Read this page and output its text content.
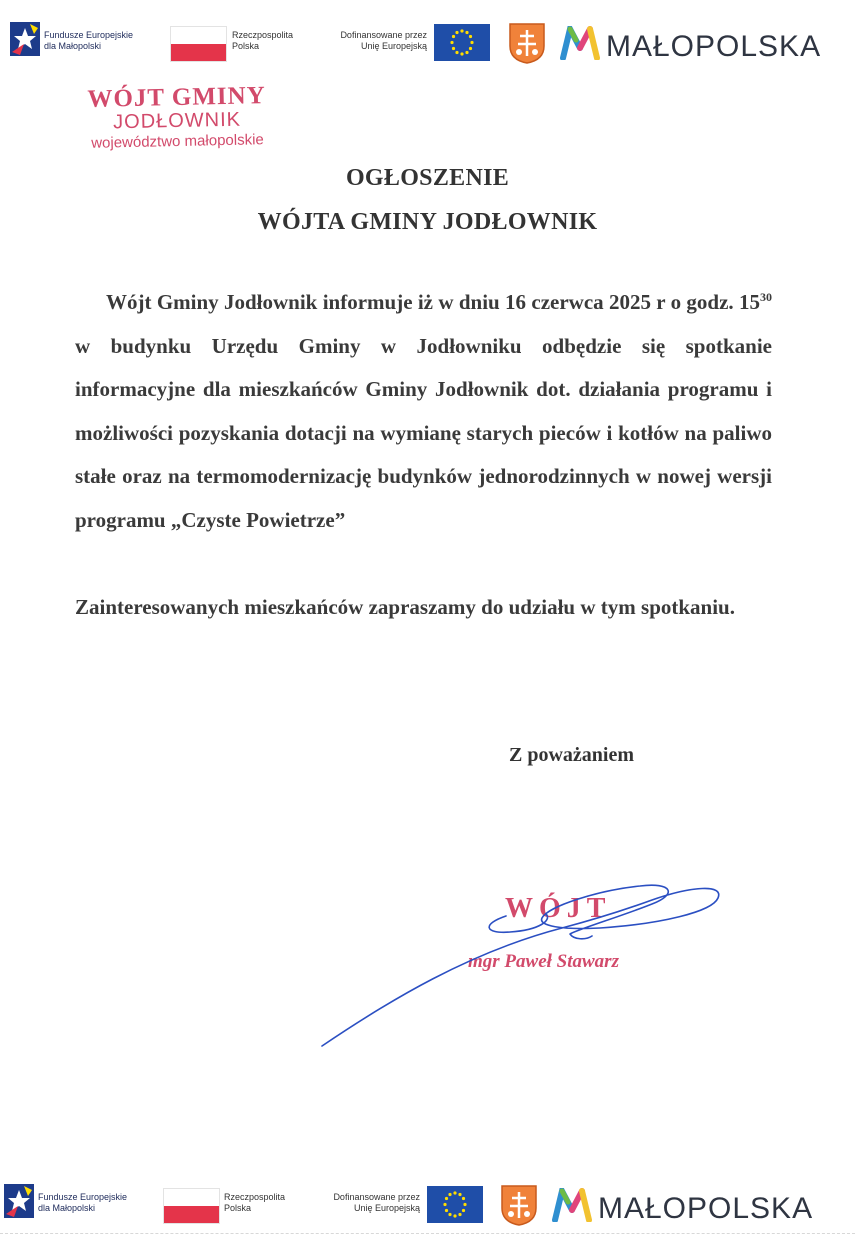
Fundusze Europejskie
dla Małopolski
Rzeczpospolita
Polska
Dofinansowane przez
Unię Europejską	MAŁOPOLSKA
WÓJT GMINY
JODŁOWNIK
województwo małopolskie
OGŁOSZENIE
WÓJTA GMINY JODŁOWNIK
Wójt Gminy Jodłownik informuje iż w dniu 16 czerwca 2025 r o godz. $15^{30}$ w budynku Urzędu Gminy w Jodłowniku odbędzie się spotkanie informacyjne dla mieszkańców Gminy Jodłownik dot. działania programu i możliwości pozyskania dotacji na wymianę starych pieców i kotłów na paliwo stałe oraz na termomodernizację budynków jednorodzinnych w nowej wersji programu „Czyste Powietrze”
Zainteresowanych mieszkańców zapraszamy do udziału w tym spotkaniu.
Z poważaniem
WÓJT
mgr Paweł Stawarz
Fundusze Europejskie
dla Małopolski
Rzeczpospolita
Polska
Dofinansowane przez
Unię Europejską	MAŁOPOLSKA
